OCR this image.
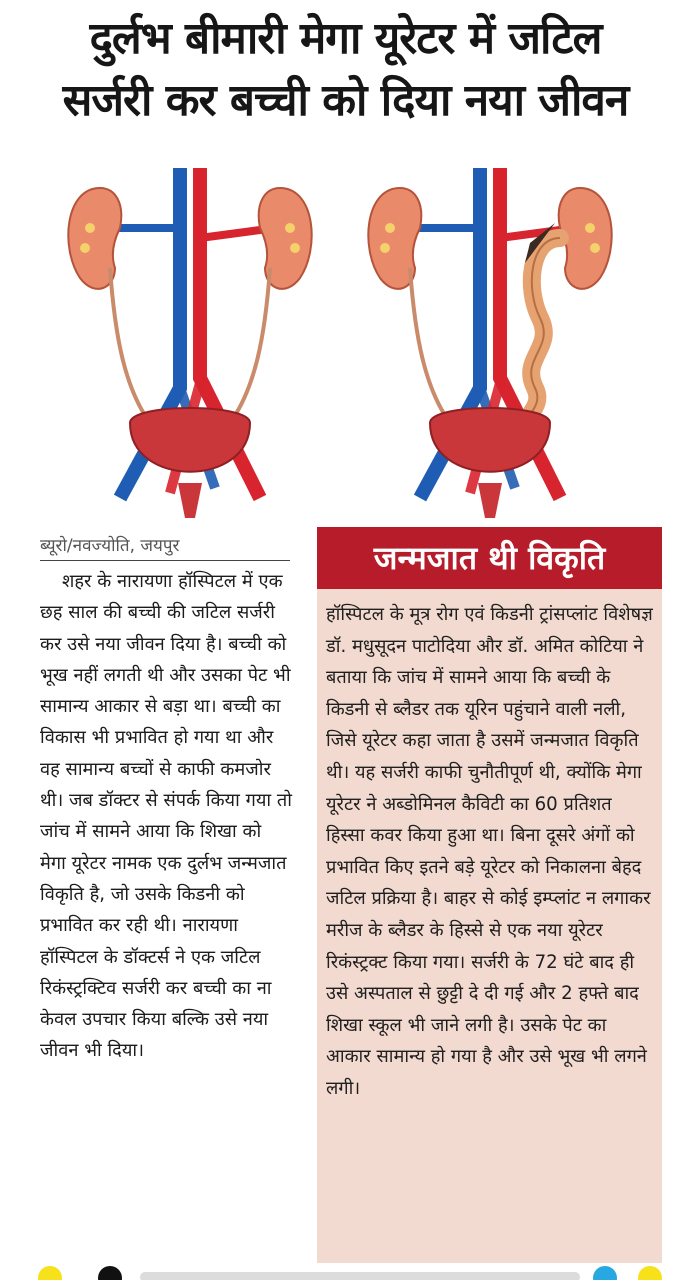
दुर्लभ बीमारी मेगा यूरेटर में जटिल
सर्जरी कर बच्ची को दिया नया जीवन
ब्यूरो/नवज्योति, जयपुर

शहर के नारायणा हॉस्पिटल में एक छह साल की बच्ची की जटिल सर्जरी कर उसे नया जीवन दिया है। बच्ची को भूख नहीं लगती थी और उसका पेट भी सामान्य आकार से बड़ा था। बच्ची का विकास भी प्रभावित हो गया था और वह सामान्य बच्चों से काफी कमजोर थी। जब डॉक्टर से संपर्क किया गया तो जांच में सामने आया कि शिखा को मेगा यूरेटर नामक एक दुर्लभ जन्मजात विकृति है, जो उसके किडनी को प्रभावित कर रही थी। नारायणा हॉस्पिटल के डॉक्टर्स ने एक जटिल रिकंस्ट्रक्टिव सर्जरी कर बच्ची का ना केवल उपचार किया बल्कि उसे नया जीवन भी दिया।

जन्मजात थी विकृति

हॉस्पिटल के मूत्र रोग एवं किडनी ट्रांसप्लांट विशेषज्ञ डॉ. मधुसूदन पाटोदिया और डॉ. अमित कोटिया ने बताया कि जांच में सामने आया कि बच्ची के किडनी से ब्लैडर तक यूरिन पहुंचाने वाली नली, जिसे यूरेटर कहा जाता है उसमें जन्मजात विकृति थी। यह सर्जरी काफी चुनौतीपूर्ण थी, क्योंकि मेगा यूरेटर ने अब्डोमिनल कैविटी का 60 प्रतिशत हिस्सा कवर किया हुआ था। बिना दूसरे अंगों को प्रभावित किए इतने बड़े यूरेटर को निकालना बेहद जटिल प्रक्रिया है। बाहर से कोई इम्प्लांट न लगाकर मरीज के ब्लैडर के हिस्से से एक नया यूरेटर रिकंस्ट्रक्ट किया गया। सर्जरी के 72 घंटे बाद ही उसे अस्पताल से छुट्टी दे दी गई और 2 हफ्ते बाद शिखा स्कूल भी जाने लगी है। उसके पेट का आकार सामान्य हो गया है और उसे भूख भी लगने लगी।
